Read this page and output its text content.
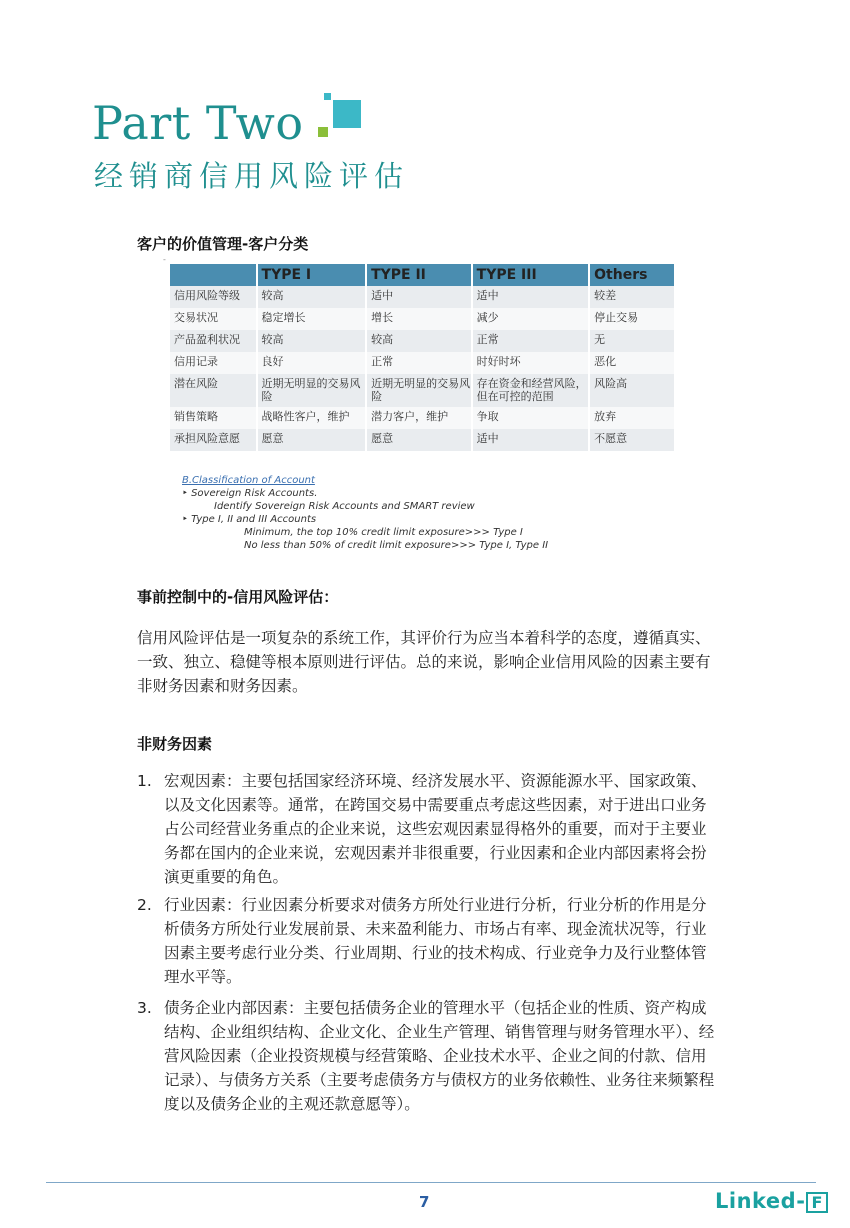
Part Two
经销商信用风险评估
客户的价值管理-客户分类
-
	TYPE I	TYPE II	TYPE III	Others
信用风险等级	较高	适中	适中	较差
交易状况	稳定增长	增长	减少	停止交易
产品盈利状况	较高	较高	正常	无
信用记录	良好	正常	时好时坏	恶化
潜在风险	近期无明显的交易风险	近期无明显的交易风险	存在资金和经营风险，但在可控的范围	风险高
销售策略	战略性客户，维护	潜力客户，维护	争取	放弃
承担风险意愿	愿意	愿意	适中	不愿意
B.Classification of Account
‣ Sovereign Risk Accounts.
Identify Sovereign Risk Accounts and SMART review
‣ Type I, II and III Accounts
Minimum, the top 10% credit limit exposure>>> Type I
No less than 50% of credit limit exposure>>> Type I, Type II
事前控制中的-信用风险评估：
信用风险评估是一项复杂的系统工作，其评价行为应当本着科学的态度，遵循真实、一致、独立、稳健等根本原则进行评估。总的来说，影响企业信用风险的因素主要有非财务因素和财务因素。
非财务因素
1. 宏观因素：主要包括国家经济环境、经济发展水平、资源能源水平、国家政策、以及文化因素等。通常，在跨国交易中需要重点考虑这些因素，对于进出口业务占公司经营业务重点的企业来说，这些宏观因素显得格外的重要，而对于主要业务都在国内的企业来说，宏观因素并非很重要，行业因素和企业内部因素将会扮演更重要的角色。
2. 行业因素：行业因素分析要求对债务方所处行业进行分析，行业分析的作用是分析债务方所处行业发展前景、未来盈利能力、市场占有率、现金流状况等，行业因素主要考虑行业分类、行业周期、行业的技术构成、行业竞争力及行业整体管理水平等。
3. 债务企业内部因素：主要包括债务企业的管理水平（包括企业的性质、资产构成结构、企业组织结构、企业文化、企业生产管理、销售管理与财务管理水平）、经营风险因素（企业投资规模与经营策略、企业技术水平、企业之间的付款、信用记录）、与债务方关系（主要考虑债务方与债权方的业务依赖性、业务往来频繁程度以及债务企业的主观还款意愿等）。
7	Linked- F
